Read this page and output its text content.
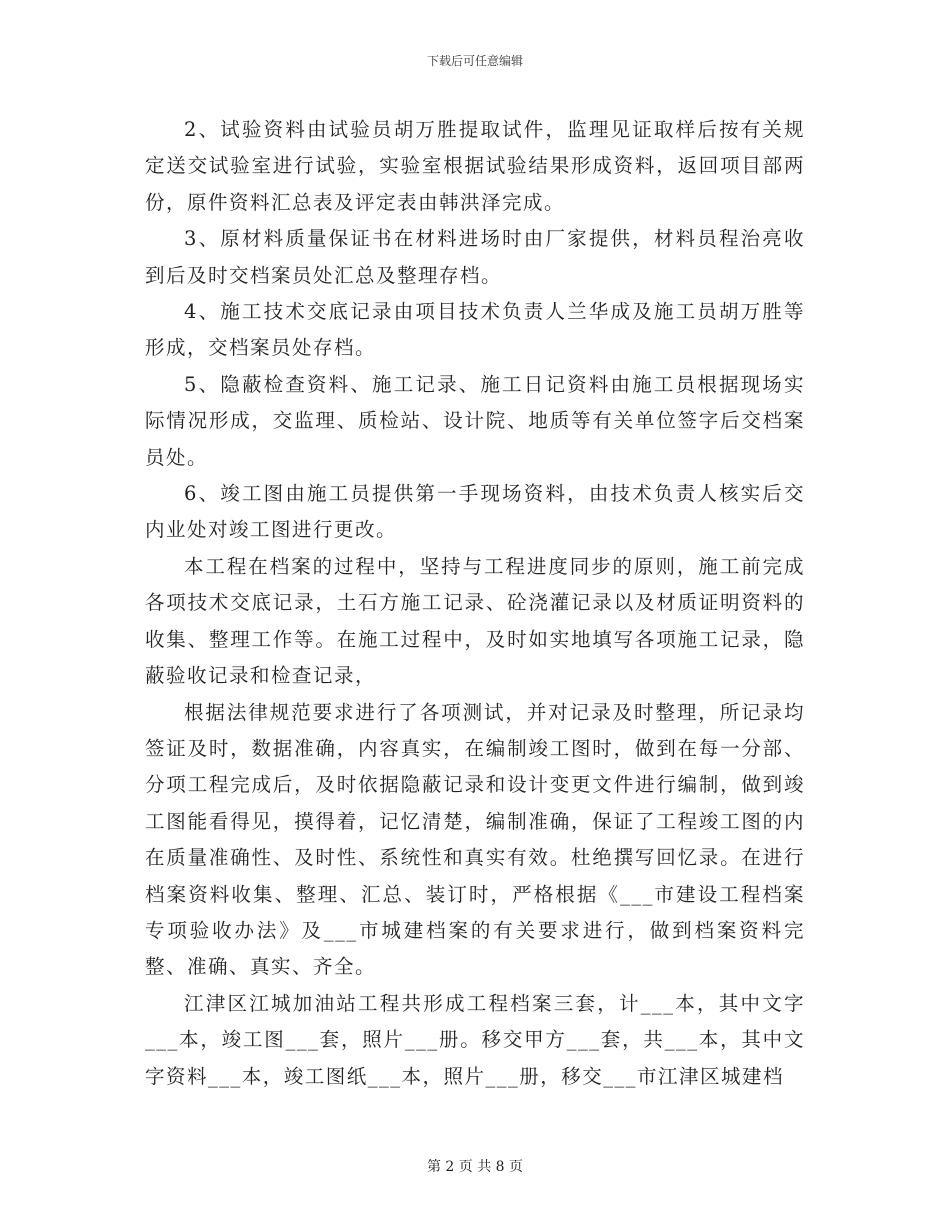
下载后可任意编辑

2、试验资料由试验员胡万胜提取试件，监理见证取样后按有关规定送交试验室进行试验，实验室根据试验结果形成资料，返回项目部两份，原件资料汇总表及评定表由韩洪泽完成。

3、原材料质量保证书在材料进场时由厂家提供，材料员程治亮收到后及时交档案员处汇总及整理存档。

4、施工技术交底记录由项目技术负责人兰华成及施工员胡万胜等形成，交档案员处存档。

5、隐蔽检查资料、施工记录、施工日记资料由施工员根据现场实际情况形成，交监理、质检站、设计院、地质等有关单位签字后交档案员处。

6、竣工图由施工员提供第一手现场资料，由技术负责人核实后交内业处对竣工图进行更改。

本工程在档案的过程中，坚持与工程进度同步的原则，施工前完成各项技术交底记录，土石方施工记录、砼浇灌记录以及材质证明资料的收集、整理工作等。在施工过程中，及时如实地填写各项施工记录，隐蔽验收记录和检查记录，

根据法律规范要求进行了各项测试，并对记录及时整理，所记录均签证及时，数据准确，内容真实，在编制竣工图时，做到在每一分部、分项工程完成后，及时依据隐蔽记录和设计变更文件进行编制，做到竣工图能看得见，摸得着，记忆清楚，编制准确，保证了工程竣工图的内在质量准确性、及时性、系统性和真实有效。杜绝撰写回忆录。在进行档案资料收集、整理、汇总、装订时，严格根据《___市建设工程档案专项验收办法》及___市城建档案的有关要求进行，做到档案资料完整、准确、真实、齐全。

江津区江城加油站工程共形成工程档案三套，计___本，其中文字___本，竣工图___套，照片___册。移交甲方___套，共___本，其中文字资料___本，竣工图纸___本，照片___册，移交___市江津区城建档

第 2 页 共 8 页
